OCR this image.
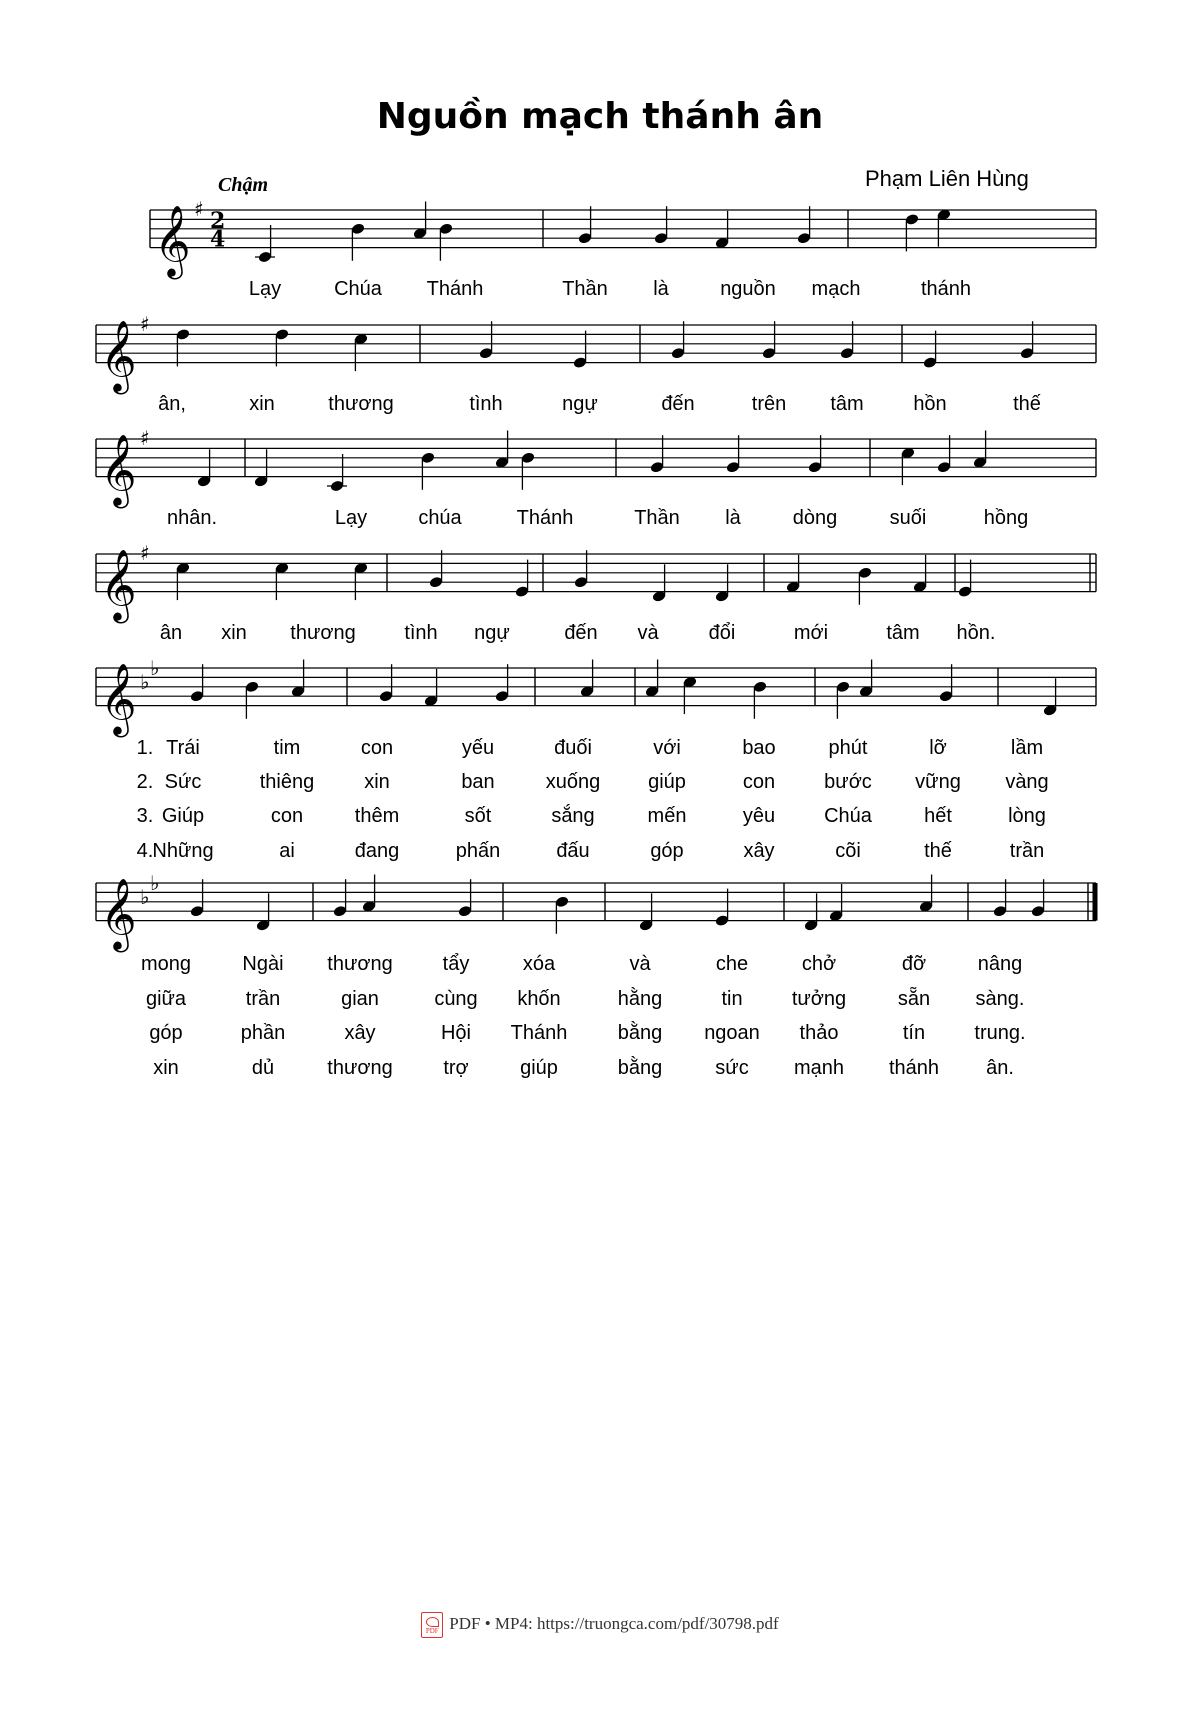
Nguồn mạch thánh ân
Phạm Liên Hùng
Chậm
𝄞 ♯ 2
4
𝄞 ♯
𝄞 ♯
𝄞 ♯
𝄞 ♭
♭
𝄞 ♭
♭
Lạy	Chúa Thánh	Thần là	nguồn mạch	thánh
ân,	xin	thương	tình	ngự	đến	trên tâm hồn	thế
nhân.	Lạy	chúa	Thánh	Thần là	dòng	suối	hồng
ân xin thương tình ngự	đến và	đổi	mới	tâm hồn.
1. Trái	tim	con	yếu	đuối	với	bao	phút	lỡ	lầm
2. Sức	thiêng xin	ban	xuống giúp	con bước vững vàng
3. Giúp	con	thêm	sốt	sắng	mến	yêu Chúa	hết	lòng
4. Những	ai	đang	phấn	đấu	góp	xây	cõi	thế	trần
mong	Ngài thương tẩy	xóa	và	che	chở	đỡ	nâng
giữa	trần	gian	cùng khốn	hằng	tin tưởng	sẵn sàng.
góp	phần	xây	Hội Thánh	bằng ngoan thảo	tín trung.
xin	dủ	thương	trợ	giúp	bằng	sức mạnh thánh ân.
PDF PDF • MP4: https://truongca.com/pdf/30798.pdf
